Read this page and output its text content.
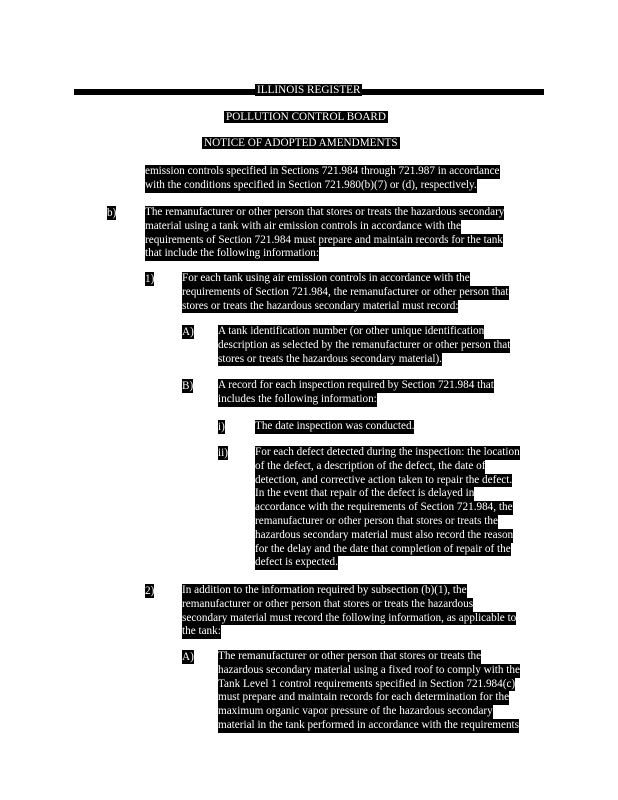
ILLINOIS REGISTER
POLLUTION CONTROL BOARD
NOTICE OF ADOPTED AMENDMENTS
emission controls specified in Sections 721.984 through 721.987 in accordance
with the conditions specified in Section 721.980(b)(7) or (d), respectively.
b)	The remanufacturer or other person that stores or treats the hazardous secondary
material using a tank with air emission controls in accordance with the
requirements of Section 721.984 must prepare and maintain records for the tank
that include the following information:
1) For each tank using air emission controls in accordance with the
requirements of Section 721.984, the remanufacturer or other person that
stores or treats the hazardous secondary material must record:
A) A tank identification number (or other unique identification
description as selected by the remanufacturer or other person that
stores or treats the hazardous secondary material).
B) A record for each inspection required by Section 721.984 that
includes the following information:
i)	The date inspection was conducted.
ii) For each defect detected during the inspection: the location
of the defect, a description of the defect, the date of
detection, and corrective action taken to repair the defect.
In the event that repair of the defect is delayed in
accordance with the requirements of Section 721.984, the
remanufacturer or other person that stores or treats the
hazardous secondary material must also record the reason
for the delay and the date that completion of repair of the
defect is expected.
2) In addition to the information required by subsection (b)(1), the
remanufacturer or other person that stores or treats the hazardous
secondary material must record the following information, as applicable to
the tank:
A) The remanufacturer or other person that stores or treats the
hazardous secondary material using a fixed roof to comply with the
Tank Level 1 control requirements specified in Section 721.984(c)
must prepare and maintain records for each determination for the
maximum organic vapor pressure of the hazardous secondary
material in the tank performed in accordance with the requirements
